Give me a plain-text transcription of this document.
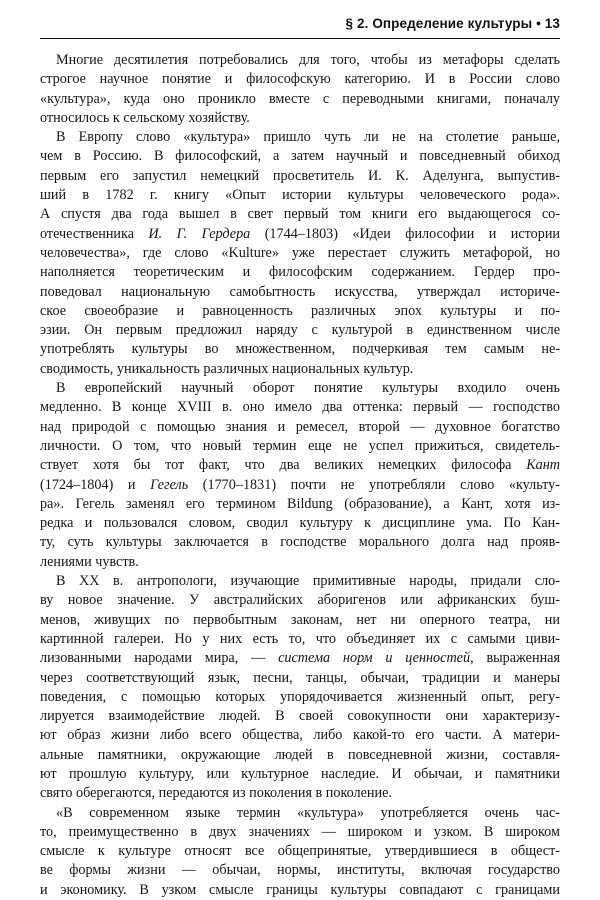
§ 2. Определение культуры • 13
Многие десятилетия потребовались для того, чтобы из метафоры сделать
строгое научное понятие и философскую категорию. И в России слово
«культура», куда оно проникло вместе с переводными книгами, поначалу
относилось к сельскому хозяйству.
В Европу слово «культура» пришло чуть ли не на столетие раньше,
чем в Россию. В философский, а затем научный и повседневный обиход
первым его запустил немецкий просветитель И. К. Аделунга, выпустив-
ший в 1782 г. книгу «Опыт истории культуры человеческого рода».
А спустя два года вышел в свет первый том книги его выдающегося со-
отечественника И. Г. Гердера (1744–1803) «Идеи философии и истории
человечества», где слово «Kulture» уже перестает служить метафорой, но
наполняется теоретическим и философским содержанием. Гердер про-
поведовал национальную самобытность искусства, утверждал историче-
ское своеобразие и равноценность различных эпох культуры и по-
эзии. Он первым предложил наряду с культурой в единственном числе
употреблять культуры во множественном, подчеркивая тем самым не-
сводимость, уникальность различных национальных культур.
В европейский научный оборот понятие культуры входило очень
медленно. В конце XVIII в. оно имело два оттенка: первый — господство
над природой с помощью знания и ремесел, второй — духовное богатство
личности. О том, что новый термин еще не успел прижиться, свидетель-
ствует хотя бы тот факт, что два великих немецких философа Кант
(1724–1804) и Гегель (1770–1831) почти не употребляли слово «культу-
ра». Гегель заменял его термином Bildung (образование), а Кант, хотя из-
редка и пользовался словом, сводил культуру к дисциплине ума. По Кан-
ту, суть культуры заключается в господстве морального долга над прояв-
лениями чувств.
В XX в. антропологи, изучающие примитивные народы, придали сло-
ву новое значение. У австралийских аборигенов или африканских буш-
менов, живущих по первобытным законам, нет ни оперного театра, ни
картинной галереи. Но у них есть то, что объединяет их с самыми циви-
лизованными народами мира, — система норм и ценностей, выраженная
через соответствующий язык, песни, танцы, обычаи, традиции и манеры
поведения, с помощью которых упорядочивается жизненный опыт, регу-
лируется взаимодействие людей. В своей совокупности они характеризу-
ют образ жизни либо всего общества, либо какой-то его части. А матери-
альные памятники, окружающие людей в повседневной жизни, составля-
ют прошлую культуру, или культурное наследие. И обычаи, и памятники
свято оберегаются, передаются из поколения в поколение.
«В современном языке термин «культура» употребляется очень час-
то, преимущественно в двух значениях — широком и узком. В широком
смысле к культуре относят все общепринятые, утвердившиеся в общест-
ве формы жизни — обычаи, нормы, институты, включая государство
и экономику. В узком смысле границы культуры совпадают с границами
